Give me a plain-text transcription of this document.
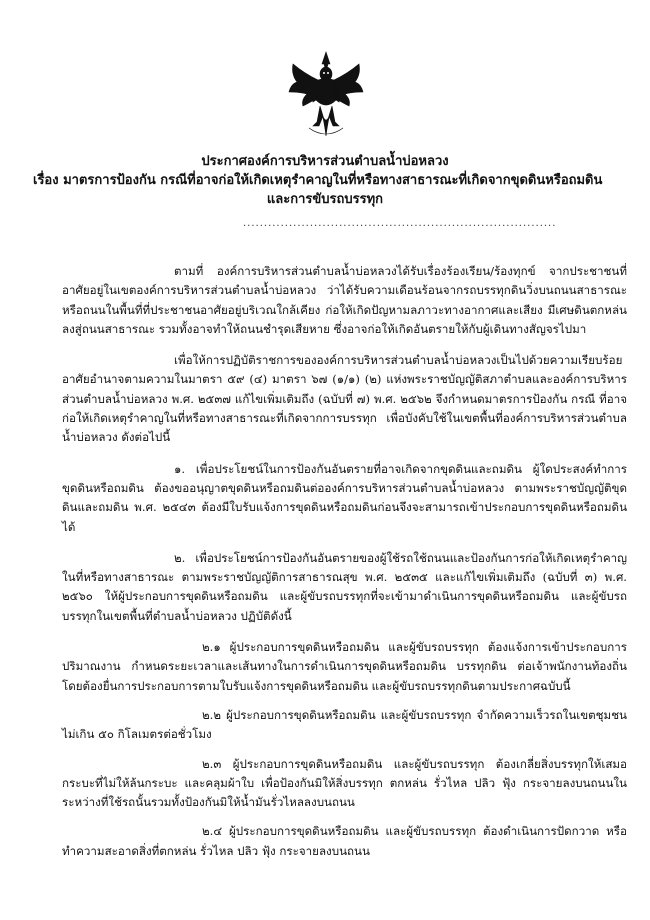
ประกาศองค์การบริหารส่วนตำบลน้ำบ่อหลวง
เรื่อง มาตรการป้องกัน กรณีที่อาจก่อให้เกิดเหตุรำคาญในที่หรือทางสาธารณะที่เกิดจากขุดดินหรือถมดิน
และการขับรถบรรทุก
...........................................................................

ตามที่ องค์การบริหารส่วนตำบลน้ำบ่อหลวงได้รับเรื่องร้องเรียน/ร้องทุกข์ จากประชาชนที่อาศัยอยู่ในเขตองค์การบริหารส่วนตำบลน้ำบ่อหลวง ว่าได้รับความเดือนร้อนจากรถบรรทุกดินวิ่งบนถนนสาธารณะหรือถนนในพื้นที่ที่ประชาชนอาศัยอยู่บริเวณใกล้เคียง ก่อให้เกิดปัญหามลภาวะทางอากาศและเสียง มีเศษดินตกหล่นลงสู่ถนนสาธารณะ รวมทั้งอาจทำให้ถนนชำรุดเสียหาย ซึ่งอาจก่อให้เกิดอันตรายให้กับผู้เดินทางสัญจรไปมา

เพื่อให้การปฏิบัติราชการขององค์การบริหารส่วนตำบลน้ำบ่อหลวงเป็นไปด้วยความเรียบร้อย อาศัยอำนาจตามความในมาตรา ๕๙ (๔) มาตรา ๖๗ (๑/๑) (๒) แห่งพระราชบัญญัติสภาตำบลและองค์การบริหารส่วนตำบลน้ำบ่อหลวง พ.ศ. ๒๕๓๗ แก้ไขเพิ่มเติมถึง (ฉบับที่ ๗) พ.ศ. ๒๕๖๒ จึงกำหนดมาตรการป้องกัน กรณี ที่อาจก่อให้เกิดเหตุรำคาญในที่หรือทางสาธารณะที่เกิดจากการบรรทุก เพื่อบังคับใช้ในเขตพื้นที่องค์การบริหารส่วนตำบลน้ำบ่อหลวง ดังต่อไปนี้

๑. เพื่อประโยชน์ในการป้องกันอันตรายที่อาจเกิดจากขุดดินและถมดิน ผู้ใดประสงค์ทำการขุดดินหรือถมดิน ต้องขออนุญาตขุดดินหรือถมดินต่อองค์การบริหารส่วนตำบลน้ำบ่อหลวง ตามพระราชบัญญัติขุดดินและถมดิน พ.ศ. ๒๕๔๓ ต้องมีใบรับแจ้งการขุดดินหรือถมดินก่อนจึงจะสามารถเข้าประกอบการขุดดินหรือถมดินได้

๒. เพื่อประโยชน์การป้องกันอันตรายของผู้ใช้รถใช้ถนนและป้องกันการก่อให้เกิดเหตุรำคาญในที่หรือทางสาธารณะ ตามพระราชบัญญัติการสาธารณสุข พ.ศ. ๒๕๓๕ และแก้ไขเพิ่มเติมถึง (ฉบับที่ ๓) พ.ศ. ๒๕๖๐ ให้ผู้ประกอบการขุดดินหรือถมดิน และผู้ขับรถบรรทุกที่จะเข้ามาดำเนินการขุดดินหรือถมดิน และผู้ขับรถบรรทุกในเขตพื้นที่ตำบลน้ำบ่อหลวง ปฏิบัติดังนี้

๒.๑ ผู้ประกอบการขุดดินหรือถมดิน และผู้ขับรถบรรทุก ต้องแจ้งการเข้าประกอบการ ปริมาณงาน กำหนดระยะเวลาและเส้นทางในการดำเนินการขุดดินหรือถมดิน บรรทุกดิน ต่อเจ้าพนักงานท้องถิ่น โดยต้องยื่นการประกอบการตามใบรับแจ้งการขุดดินหรือถมดิน และผู้ขับรถบรรทุกดินตามประกาศฉบับนี้

๒.๒ ผู้ประกอบการขุดดินหรือถมดิน และผู้ขับรถบรรทุก จำกัดความเร็วรถในเขตชุมชนไม่เกิน ๕๐ กิโลเมตรต่อชั่วโมง

๒.๓ ผู้ประกอบการขุดดินหรือถมดิน และผู้ขับรถบรรทุก ต้องเกลี่ยสิ่งบรรทุกให้เสมอกระบะที่ไม่ให้ล้นกระบะ และคลุมผ้าใบ เพื่อป้องกันมิให้สิ่งบรรทุก ตกหล่น รั่วไหล ปลิว ฟุ้ง กระจายลงบนถนนในระหว่างที่ใช้รถนั้นรวมทั้งป้องกันมิให้น้ำมันรั่วไหลลงบนถนน

๒.๔ ผู้ประกอบการขุดดินหรือถมดิน และผู้ขับรถบรรทุก ต้องดำเนินการปัดกวาด หรือทำความสะอาดสิ่งที่ตกหล่น รั่วไหล ปลิว ฟุ้ง กระจายลงบนถนน
